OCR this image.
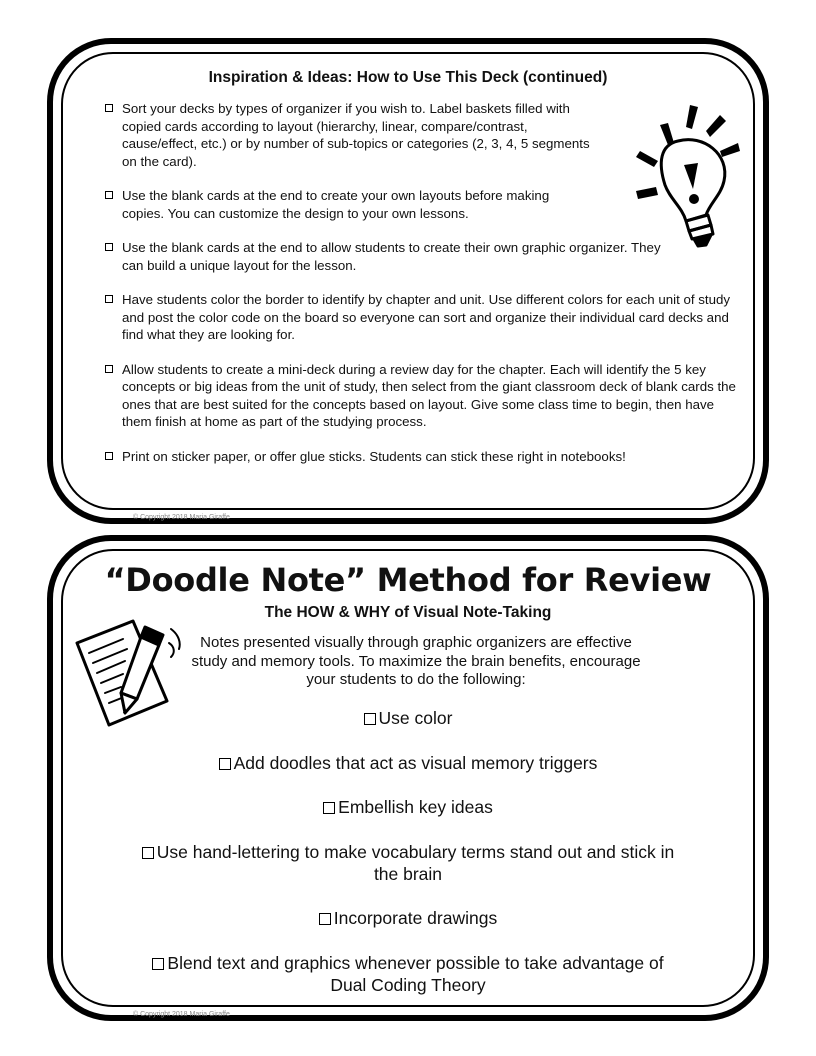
Inspiration & Ideas: How to Use This Deck (continued)
Sort your decks by types of organizer if you wish to. Label baskets filled with copied cards according to layout (hierarchy, linear, compare/contrast, cause/effect, etc.) or by number of sub-topics or categories (2, 3, 4, 5 segments on the card).
Use the blank cards at the end to create your own layouts before making copies. You can customize the design to your own lessons.
Use the blank cards at the end to allow students to create their own graphic organizer. They can build a unique layout for the lesson.
Have students color the border to identify by chapter and unit. Use different colors for each unit of study and post the color code on the board so everyone can sort and organize their individual card decks and find what they are looking for.
Allow students to create a mini-deck during a review day for the chapter. Each will identify the 5 key concepts or big ideas from the unit of study, then select from the giant classroom deck of blank cards the ones that are best suited for the concepts based on layout. Give some class time to begin, then have them finish at home as part of the studying process.
Print on sticker paper, or offer glue sticks. Students can stick these right in notebooks!
© Copyright 2018 Maria Giraffe
“Doodle Note” Method for Review
The HOW & WHY of Visual Note-Taking
Notes presented visually through graphic organizers are effective study and memory tools. To maximize the brain benefits, encourage your students to do the following:
Use color
Add doodles that act as visual memory triggers
Embellish key ideas
Use hand-lettering to make vocabulary terms stand out and stick in the brain
Incorporate drawings
Blend text and graphics whenever possible to take advantage of Dual Coding Theory
© Copyright 2018 Maria Giraffe
